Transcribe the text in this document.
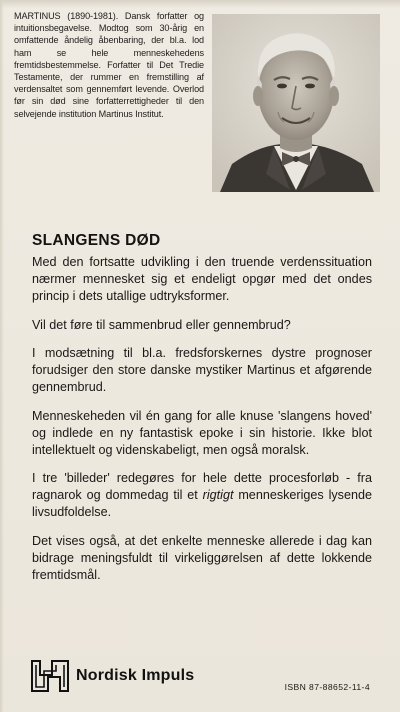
MARTINUS (1890-1981). Dansk forfatter og intuitionsbegavelse. Modtog som 30-årig en omfattende åndelig åbenbaring, der bl.a. lod ham se hele menneskehedens fremtidsbestemmelse. Forfatter til Det Tredie Testamente, der rummer en fremstilling af verdensaltet som gennemført levende. Overlod før sin død sine forfatterrettigheder til den selvejende institution Martinus Institut.

SLANGENS DØD

Med den fortsatte udvikling i den truende verdenssituation nærmer mennesket sig et endeligt opgør med det ondes princip i dets utallige udtryksformer.

Vil det føre til sammenbrud eller gennembrud?

I modsætning til bl.a. fredsforskernes dystre prognoser forudsiger den store danske mystiker Martinus et afgørende gennembrud.

Menneskeheden vil én gang for alle knuse 'slangens hoved' og indlede en ny fantastisk epoke i sin historie. Ikke blot intellektuelt og videnskabeligt, men også moralsk.

I tre 'billeder' redegøres for hele dette procesforløb - fra ragnarok og dommedag til et rigtigt menneskeriges lysende livsudfoldelse.

Det vises også, at det enkelte menneske allerede i dag kan bidrage meningsfuldt til virkeliggørelsen af dette lokkende fremtidsmål.

Nordisk Impuls
ISBN 87-88652-11-4
